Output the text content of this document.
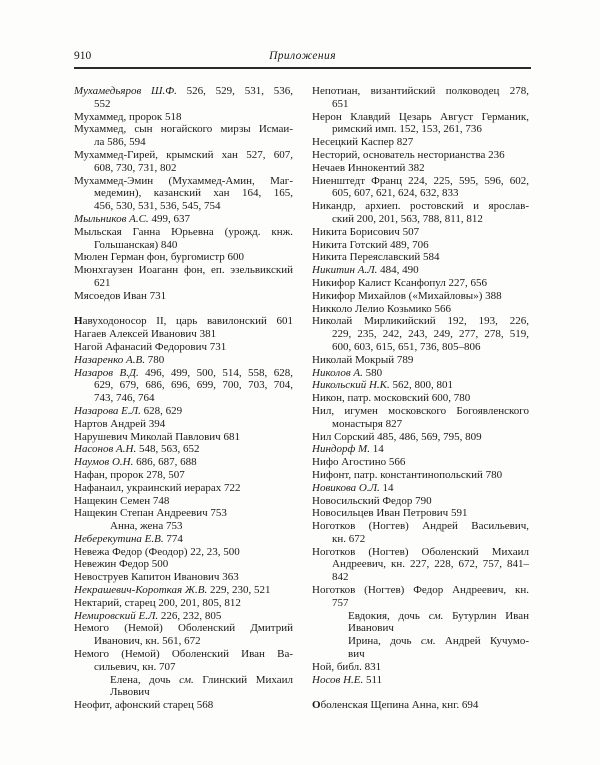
910	Приложения
Мухамедьяров Ш.Ф. 526, 529, 531, 536,
552
Мухаммед, пророк 518
Мухаммед, сын ногайского мирзы Исмаи-
ла 586, 594
Мухаммед-Гирей, крымский хан 527, 607,
608, 730, 731, 802
Мухаммед-Эмин (Мухаммед-Амин, Маг-
медемин), казанский хан 164, 165,
456, 530, 531, 536, 545, 754
Мыльников А.С. 499, 637
Мыльская Ганна Юрьевна (урожд. кнж.
Гольшанская) 840
Мюлен Герман фон, бургомистр 600
Мюнхгаузен Иоаганн фон, еп. эзельвикский
621
Мясоедов Иван 731
Навуходоносор II, царь вавилонский 601
Нагаев Алексей Иванович 381
Нагой Афанасий Федорович 731
Назаренко А.В. 780
Назаров В.Д. 496, 499, 500, 514, 558, 628,
629, 679, 686, 696, 699, 700, 703, 704,
743, 746, 764
Назарова Е.Л. 628, 629
Нартов Андрей 394
Нарушевич Миколай Павлович 681
Насонов А.Н. 548, 563, 652
Наумов О.Н. 686, 687, 688
Нафан, пророк 278, 507
Нафанаил, украинский иерарах 722
Нащекин Семен 748
Нащекин Степан Андреевич 753
Анна, жена 753
Неберекутина Е.В. 774
Невежа Федор (Феодор) 22, 23, 500
Невежин Федор 500
Невоструев Капитон Иванович 363
Некрашевич-Короткая Ж.В. 229, 230, 521
Нектарий, старец 200, 201, 805, 812
Немировский Е.Л. 226, 232, 805
Немого (Немой) Оболенский Дмитрий
Иванович, кн. 561, 672
Немого (Немой) Оболенский Иван Ва-
сильевич, кн. 707
Елена, дочь см. Глинский Михаил
Львович
Неофит, афонский старец 568
Непотиан, византийский полководец 278,
651
Нерон Клавдий Цезарь Август Германик,
римский имп. 152, 153, 261, 736
Несецкий Каспер 827
Несторий, основатель несторианства 236
Нечаев Иннокентий 382
Ниенштедт Франц 224, 225, 595, 596, 602,
605, 607, 621, 624, 632, 833
Никандр, архиеп. ростовский и ярослав-
ский 200, 201, 563, 788, 811, 812
Никита Борисович 507
Никита Готский 489, 706
Никита Переяславский 584
Никитин А.Л. 484, 490
Никифор Калист Ксанфопул 227, 656
Никифор Михайлов («Михайловы») 388
Никколо Лелио Козьмико 566
Николай Мирликийский 192, 193, 226,
229, 235, 242, 243, 249, 277, 278, 519,
600, 603, 615, 651, 736, 805–806
Николай Мокрый 789
Николов А. 580
Никольский Н.К. 562, 800, 801
Никон, патр. московский 600, 780
Нил, игумен московского Богоявленского
монастыря 827
Нил Сорский 485, 486, 569, 795, 809
Ниндорф М. 14
Нифо Агостино 566
Нифонт, патр. константинопольский 780
Новикова О.Л. 14
Новосильский Федор 790
Новосильцев Иван Петрович 591
Ноготков (Ногтев) Андрей Васильевич,
кн. 672
Ноготков (Ногтев) Оболенский Михаил
Андреевич, кн. 227, 228, 672, 757, 841–
842
Ноготков (Ногтев) Федор Андреевич, кн.
757
Евдокия, дочь см. Бутурлин Иван
Иванович
Ирина, дочь см. Андрей Кучумо-
вич
Ной, библ. 831
Носов Н.Е. 511
Оболенская Щепина Анна, кнг. 694
